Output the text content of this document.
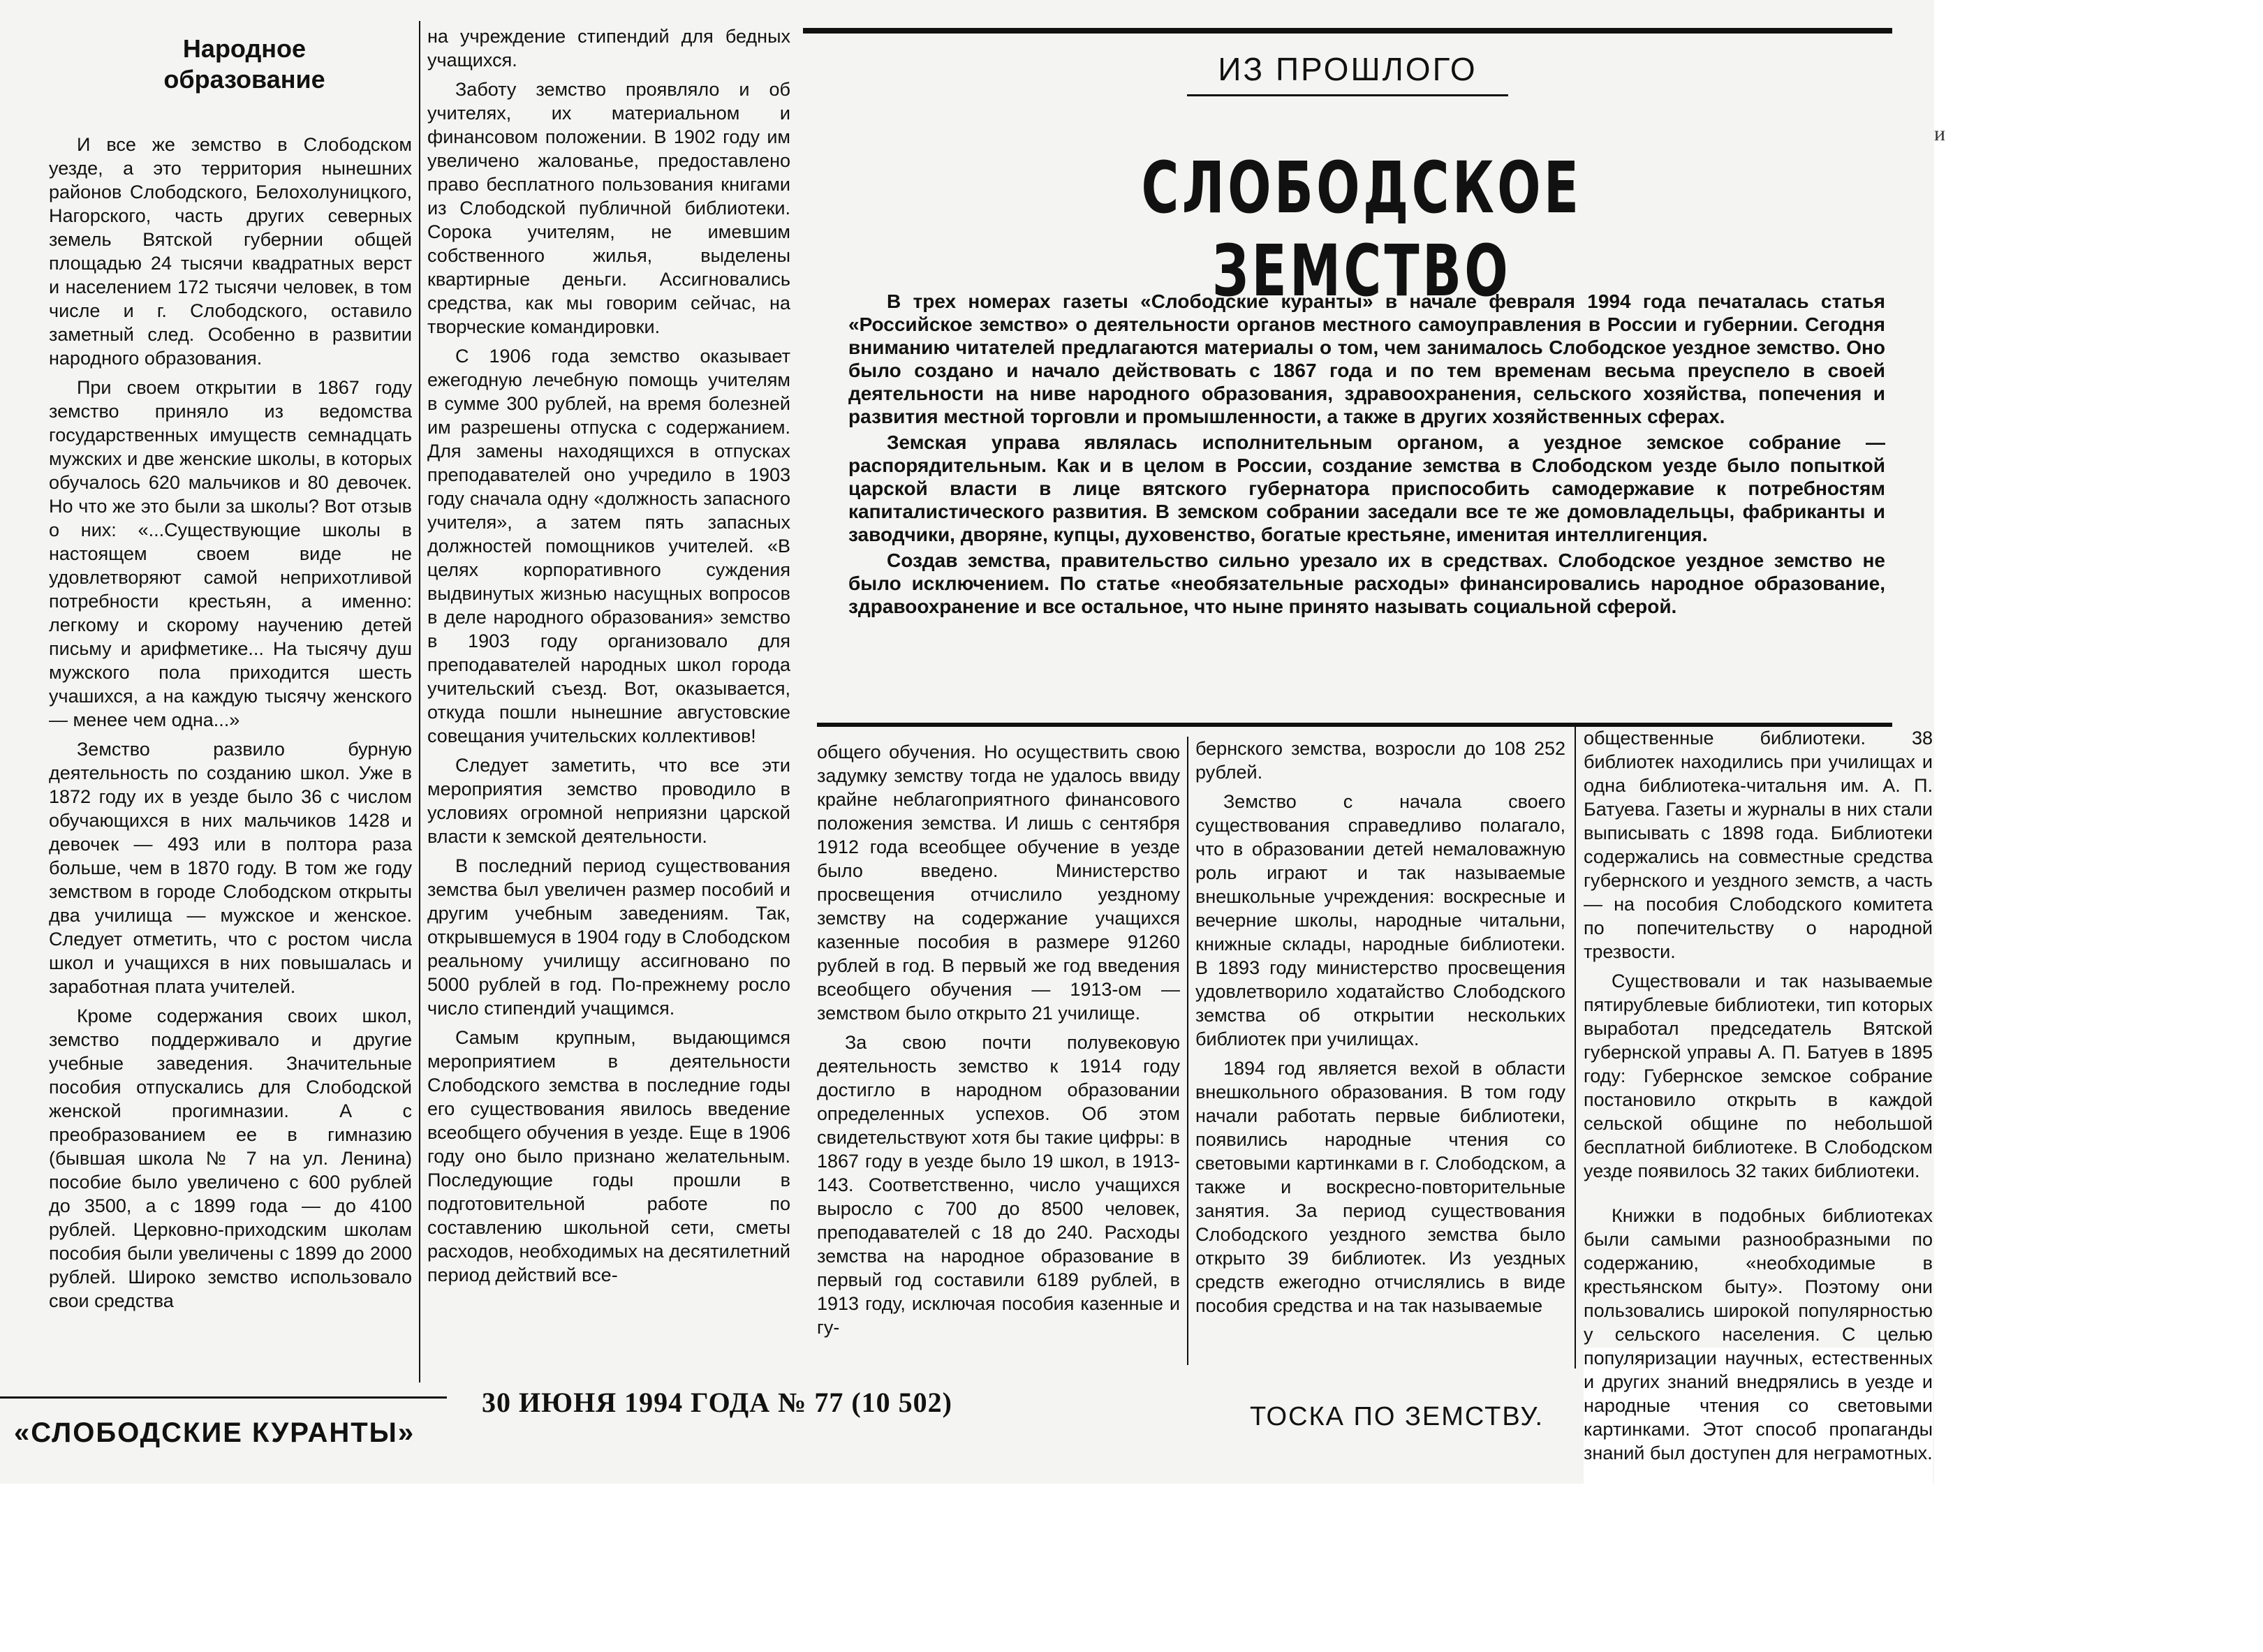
Народное образование

И все же земство в Слободском уезде, а это территория нынешних районов Слободского, Белохолуницкого, Нагорского, часть других северных земель Вятской губернии общей площадью 24 тысячи квадратных верст и населением 172 тысячи человек, в том числе и г. Слободского, оставило заметный след. Особенно в развитии народного образования.

При своем открытии в 1867 году земство приняло из ведомства государственных имуществ семнадцать мужских и две женские школы, в которых обучалось 620 мальчиков и 80 девочек. Но что же это были за школы? Вот отзыв о них: «...Существующие школы в настоящем своем виде не удовлетворяют самой неприхотливой потребности крестьян, а именно: легкому и скорому научению детей письму и арифметике... На тысячу душ мужского пола приходится шесть учашихся, а на каждую тысячу женского — менее чем одна...»

Земство развило бурную деятельность по созданию школ. Уже в 1872 году их в уезде было 36 с числом обучающихся в них мальчиков 1428 и девочек — 493 или в полтора раза больше, чем в 1870 году. В том же году земством в городе Слободском открыты два училища — мужское и женское. Следует отметить, что с ростом числа школ и учащихся в них повышалась и заработная плата учителей.

Кроме содержания своих школ, земство поддерживало и другие учебные заведения. Значительные пособия отпускались для Слободской женской прогимназии. А с преобразованием ее в гимназию (бывшая школа № 7 на ул. Ленина) пособие было увеличено с 600 рублей до 3500, а с 1899 года — до 4100 рублей. Церковно-приходским школам пособия были увеличены с 1899 до 2000 рублей. Широко земство использовало свои средства

на учреждение стипендий для бедных учащихся.

Заботу земство проявляло и об учителях, их материальном и финансовом положении. В 1902 году им увеличено жалованье, предоставлено право бесплатного пользования книгами из Слободской публичной библиотеки. Сорока учителям, не имевшим собственного жилья, выделены квартирные деньги. Ассигновались средства, как мы говорим сейчас, на творческие командировки.

С 1906 года земство оказывает ежегодную лечебную помощь учителям в сумме 300 рублей, на время болезней им разрешены отпуска с содержанием. Для замены находящихся в отпусках преподавателей оно учредило в 1903 году сначала одну «должность запасного учителя», а затем пять запасных должностей помощников учителей. «В целях корпоративного суждения выдвинутых жизнью насущных вопросов в деле народного образования» земство в 1903 году организовало для преподавателей народных школ города учительский съезд. Вот, оказывается, откуда пошли нынешние августовские совещания учительских коллективов!

Следует заметить, что все эти мероприятия земство проводило в условиях огромной неприязни царской власти к земской деятельности.

В последний период существования земства был увеличен размер пособий и другим учебным заведениям. Так, открывшемуся в 1904 году в Слободском реальному училищу ассигновано по 5000 рублей в год. По-прежнему росло число стипендий учащимся.

Самым крупным, выдающимся мероприятием в деятельности Слободского земства в последние годы его существования явилось введение всеобщего обучения в уезде. Еще в 1906 году оно было признано желательным. Последующие годы прошли в подготовительной работе по составлению школьной сети, сметы расходов, необходимых на десятилетний период действий все-

ИЗ ПРОШЛОГО
СЛОБОДСКОЕ ЗЕМСТВО

В трех номерах газеты «Слободские куранты» в начале февраля 1994 года печаталась статья «Российское земство» о деятельности органов местного самоуправления в России и губернии. Сегодня вниманию читателей предлагаются материалы о том, чем занималось Слободское уездное земство. Оно было создано и начало действовать с 1867 года и по тем временам весьма преуспело в своей деятельности на ниве народного образования, здравоохранения, сельского хозяйства, попечения и развития местной торговли и промышленности, а также в других хозяйственных сферах.

Земская управа являлась исполнительным органом, а уездное земское собрание — распорядительным. Как и в целом в России, создание земства в Слободском уезде было попыткой царской власти в лице вятского губернатора приспособить самодержавие к потребностям капиталистического развития. В земском собрании заседали все те же домовладельцы, фабриканты и заводчики, дворяне, купцы, духовенство, богатые крестьяне, именитая интеллигенция.

Создав земства, правительство сильно урезало их в средствах. Слободское уездное земство не было исключением. По статье «необязательные расходы» финансировались народное образование, здравоохранение и все остальное, что ныне принято называть социальной сферой.

общего обучения. Но осуществить свою задумку земству тогда не удалось ввиду крайне неблагоприятного финансового положения земства. И лишь с сентября 1912 года всеобщее обучение в уезде было введено. Министерство просвещения отчислило уездному земству на содержание учащихся казенные пособия в размере 91260 рублей в год. В первый же год введения всеобщего обучения — 1913-ом — земством было открыто 21 училище.

За свою почти полувековую деятельность земство к 1914 году достигло в народном образовании определенных успехов. Об этом свидетельствуют хотя бы такие цифры: в 1867 году в уезде было 19 школ, в 1913-143. Соответственно, число учащихся выросло с 700 до 8500 человек, преподавателей с 18 до 240. Расходы земства на народное образование в первый год составили 6189 рублей, в 1913 году, исключая пособия казенные и гу-

бернского земства, возросли до 108 252 рублей.

Земство с начала своего существования справедливо полагало, что в образовании детей немаловажную роль играют и так называемые внешкольные учреждения: воскресные и вечерние школы, народные читальни, книжные склады, народные библиотеки. В 1893 году министерство просвещения удовлетворило ходатайство Слободского земства об открытии нескольких библиотек при училищах.

1894 год является вехой в области внешкольного образования. В том году начали работать первые библиотеки, появились народные чтения со световыми картинками в г. Слободском, а также и воскресно-повторительные занятия. За период существования Слободского уездного земства было открыто 39 библиотек. Из уездных средств ежегодно отчислялись в виде пособия средства и на так называемые

общественные библиотеки. 38 библиотек находились при училищах и одна библиотека-читальня им. А. П. Батуева. Газеты и журналы в них стали выписывать с 1898 года. Библиотеки содержались на совместные средства губернского и уездного земств, а часть — на пособия Слободского комитета по попечительству о народной трезвости.

Существовали и так называемые пятирублевые библиотеки, тип которых выработал председатель Вятской губернской управы А. П. Батуев в 1895 году: Губернское земское собрание постановило открыть в каждой сельской общине по небольшой бесплатной библиотеке. В Слободском уезде появилось 32 таких библиотеки.

Книжки в подобных библиотеках были самыми разнообразными по содержанию, «необходимые в крестьянском быту». Поэтому они пользовались широкой популярностью у сельского населения. С целью популяризации научных, естественных и других знаний внедрялись в уезде и народные чтения со световыми картинками. Этот способ пропаганды знаний был доступен для неграмотных.

«СЛОБОДСКИЕ КУРАНТЫ»
30 ИЮНЯ 1994 ГОДА № 77 (10 502)	ТОСКА ПО ЗЕМСТВУ.
и
